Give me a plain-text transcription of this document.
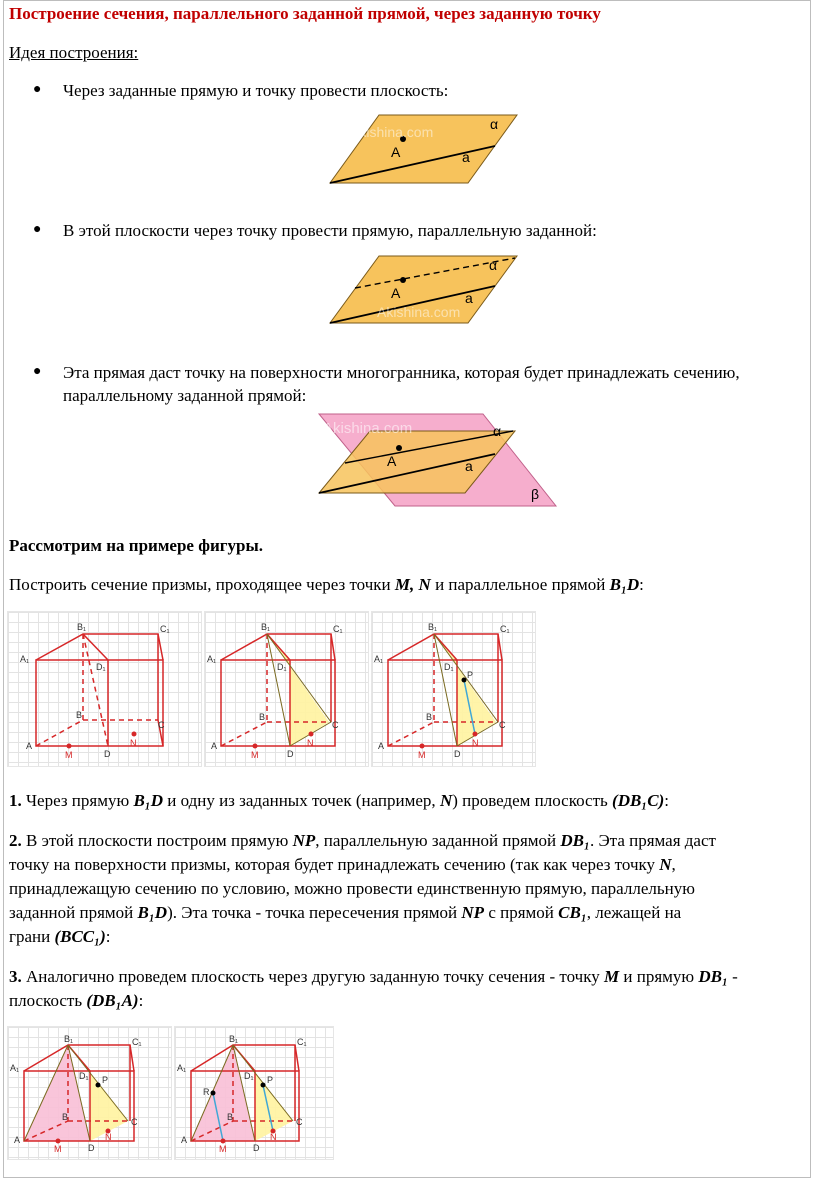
Построение сечения, параллельного заданной прямой, через заданную точку
Идея построения:
● Через заданные прямую и точку провести плоскость:
A	a
α
Akishina.com
● В этой плоскости через точку провести прямую, параллельную заданной:
A	a
α
Akishina.com
● Эта прямая даст точку на поверхности многогранника, которая будет принадлежать сечению,
параллельному заданной прямой:
A	a
α
β
Akishina.com
Рассмотрим на примере фигуры.
Построить сечение призмы, проходящее через точки M, N и параллельное прямой B₁D:
B₁	C₁
A₁
D₁
B
C
A
D
M
N
B₁	C₁
A₁
D₁
B
C
A
D
M
N
B₁	C₁
A₁
D₁
P
B
C
A
D
M
N
1. Через прямую B₁D и одну из заданных точек (например, N) проведем плоскость (DB₁C):
2. В этой плоскости построим прямую NP, параллельную заданной прямой DB₁. Эта прямая даст
точку на поверхности призмы, которая будет принадлежать сечению (так как через точку N,
принадлежащую сечению по условию, можно провести единственную прямую, параллельную
заданной прямой B₁D). Эта точка - точка пересечения прямой NP с прямой CB₁, лежащей на
грани (BCC₁):
3. Аналогично проведем плоскость через другую заданную точку сечения - точку M и прямую DB₁ -
плоскость (DB₁A):
B₁	C₁
A₁
D₁ P
B	C
A
D
M
N
B₁	C₁
A₁
D₁ P
R
B	C
A
D
M
N
